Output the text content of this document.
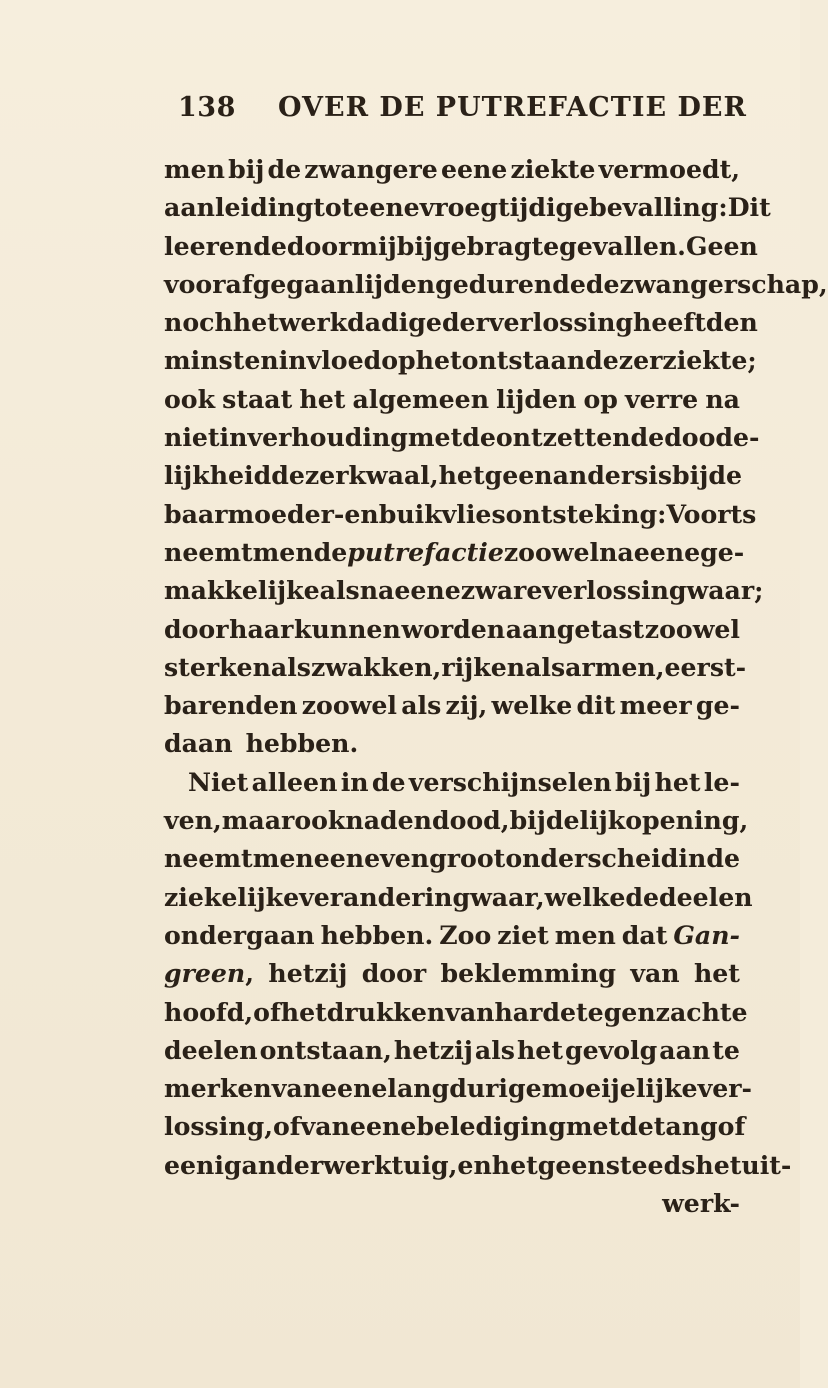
138 OVER DE PUTREFACTIE DER
men bij de zwangere eene ziekte vermoedt,
aanleiding tot eene vroegtijdige bevalling: Dit
leeren de door mij bijgebragte gevallen. Geen
voorafgegaan lijden gedurende de zwangerschap,
noch het werkdadige der verlossing heeft den
minsten invloed op het ontstaan dezer ziekte;
ook staat het algemeen lijden op verre na
niet in verhouding met de ontzettende doode-
lijkheid dezer kwaal, hetgeen anders is bij de
baarmoeder- en buikvliesontsteking: Voorts
neemt men de putrefactie zoowel na eene ge-
makkelijke als na eene zware verlossing waar;
door haar kunnen worden aangetast zoowel
sterken als zwakken, rijken als armen, eerst-
barenden zoowel als zij, welke dit meer ge-
daan hebben.
Niet alleen in de verschijnselen bij het le-
ven, maar ook na den dood, bij de lijkopening,
neemt men een even groot onderscheid in de
ziekelijke verandering waar, welke de deelen
ondergaan hebben. Zoo ziet men dat Gan-
green, hetzij door beklemming van het
hoofd, of het drukken van harde tegen zachte
deelen ontstaan, hetzij als het gevolg aan te
merken van eene langdurige moeijelijke ver-
lossing, of van eene belediging met de tang of
eenig ander werktuig, en hetgeen steeds het uit-
werk-
